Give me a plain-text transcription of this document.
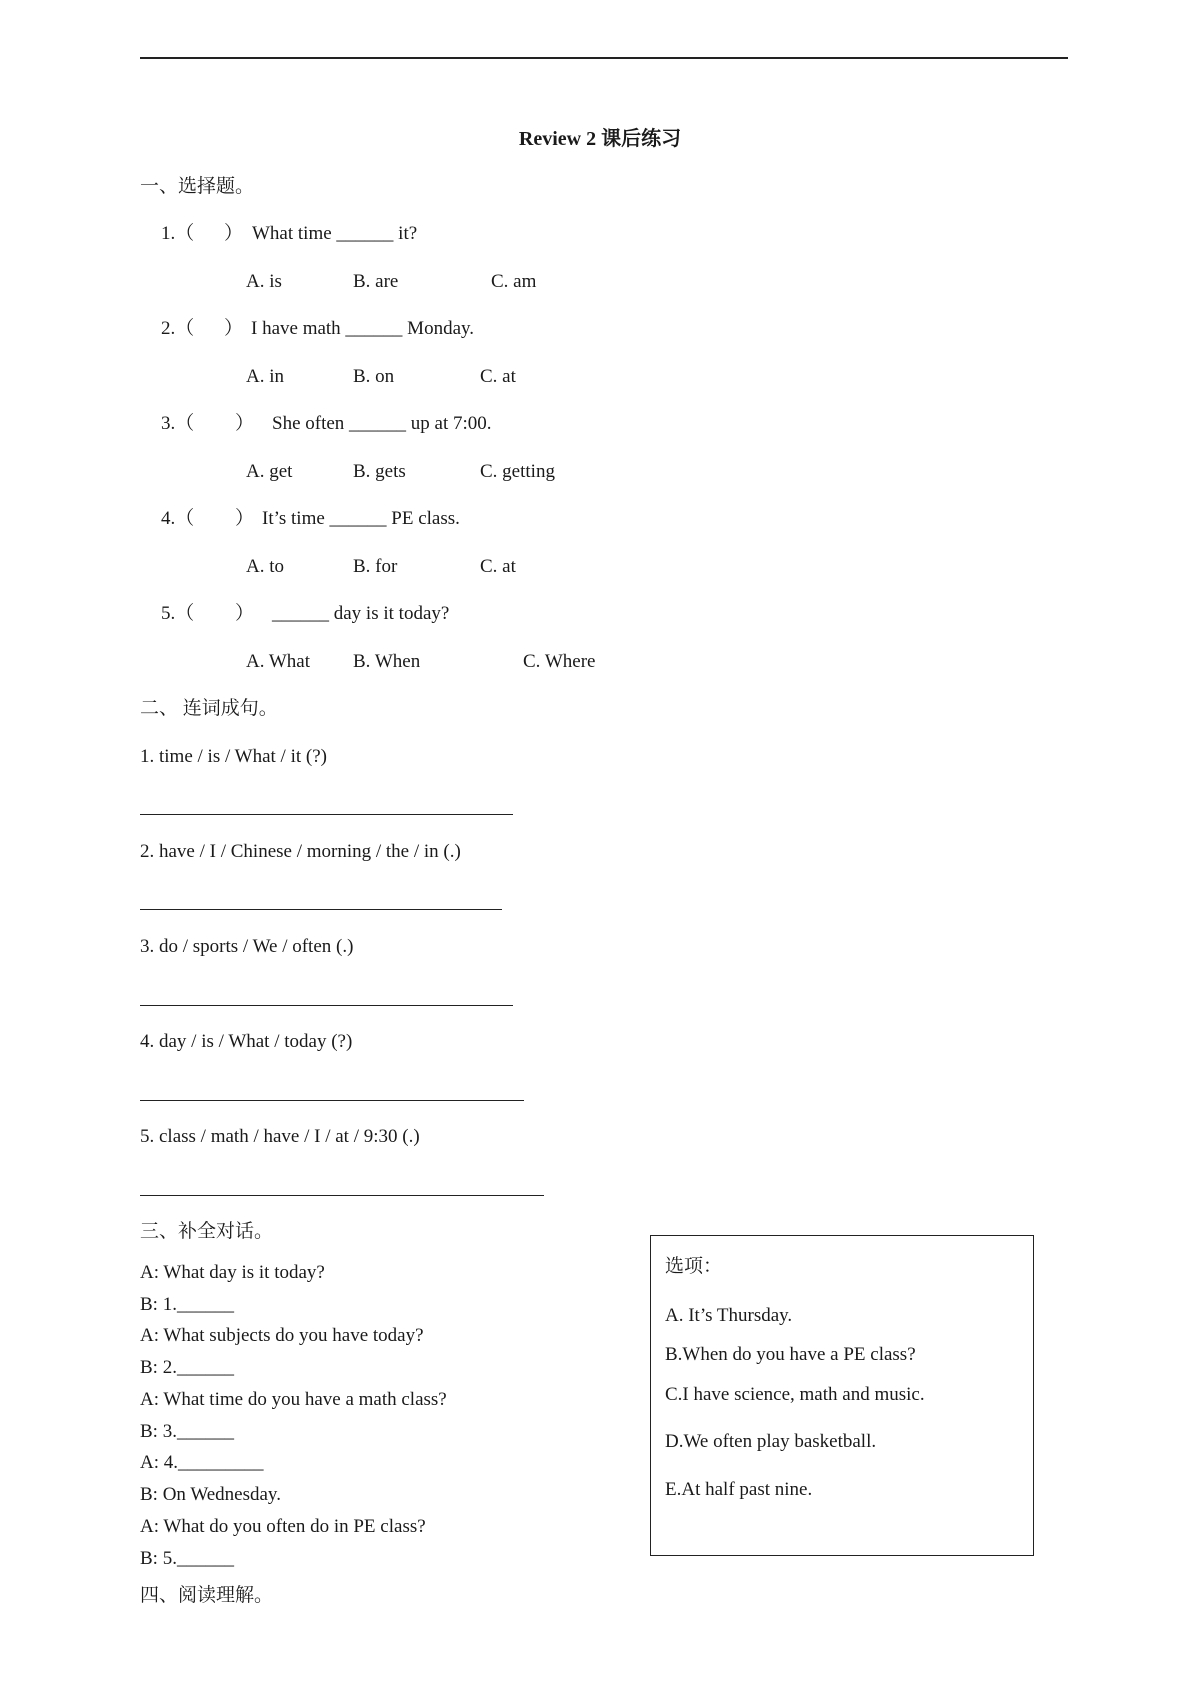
Review 2 课后练习
一、选择题。
1.（ ） What time ______ it?
A. is	B. are	C. am
2.（ ） I have math ______ Monday.
A. in	B. on	C. at
3.（ ） She often ______ up at 7:00.
A. get	B. gets	C. getting
4.（ ） It’s time ______ PE class.
A. to	B. for	C. at
5.（ ） ______ day is it today?
A. What B. When	C. Where
二、 连词成句。
1. time / is / What / it (?)
2. have / I / Chinese / morning / the / in (.)
3. do / sports / We / often (.)
4. day / is / What / today (?)
5. class / math / have / I / at / 9:30 (.)
三、补全对话。
A: What day is it today?
B: 1.______
A: What subjects do you have today?
B: 2.______
A: What time do you have a math class?
B: 3.______
A: 4._________
B: On Wednesday.
A: What do you often do in PE class?
B: 5.______
选项：
A. It’s Thursday.
B.When do you have a PE class?
C.I have science, math and music.
D.We often play basketball.
E.At half past nine.
四、阅读理解。
